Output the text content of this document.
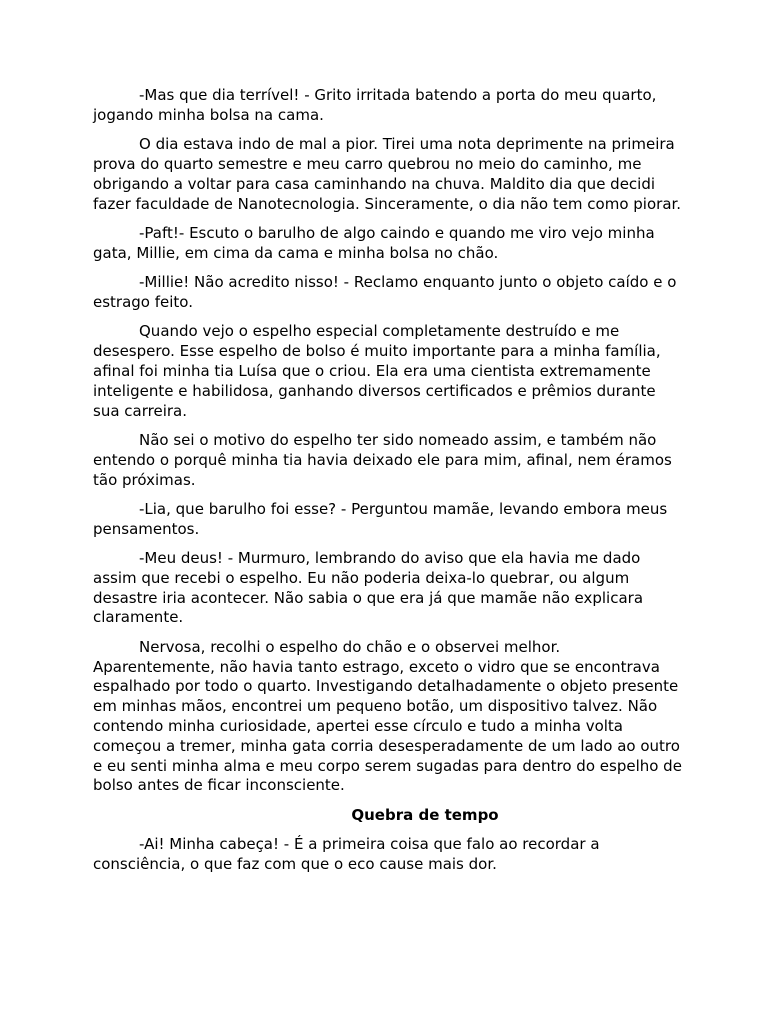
-Mas que dia terrível! - Grito irritada batendo a porta do meu quarto, jogando minha bolsa na cama.

O dia estava indo de mal a pior. Tirei uma nota deprimente na primeira prova do quarto semestre e meu carro quebrou no meio do caminho, me obrigando a voltar para casa caminhando na chuva. Maldito dia que decidi fazer faculdade de Nanotecnologia. Sinceramente, o dia não tem como piorar.

-Paft!- Escuto o barulho de algo caindo e quando me viro vejo minha gata, Millie, em cima da cama e minha bolsa no chão.

-Millie! Não acredito nisso! - Reclamo enquanto junto o objeto caído e o estrago feito.

Quando vejo o espelho especial completamente destruído e me desespero. Esse espelho de bolso é muito importante para a minha família, afinal foi minha tia Luísa que o criou. Ela era uma cientista extremamente inteligente e habilidosa, ganhando diversos certificados e prêmios durante sua carreira.

Não sei o motivo do espelho ter sido nomeado assim, e também não entendo o porquê minha tia havia deixado ele para mim, afinal, nem éramos tão próximas.

-Lia, que barulho foi esse? - Perguntou mamãe, levando embora meus pensamentos.

-Meu deus! - Murmuro, lembrando do aviso que ela havia me dado assim que recebi o espelho. Eu não poderia deixa-lo quebrar, ou algum desastre iria acontecer. Não sabia o que era já que mamãe não explicara claramente.

Nervosa, recolhi o espelho do chão e o observei melhor. Aparentemente, não havia tanto estrago, exceto o vidro que se encontrava espalhado por todo o quarto. Investigando detalhadamente o objeto presente em minhas mãos, encontrei um pequeno botão, um dispositivo talvez. Não contendo minha curiosidade, apertei esse círculo e tudo a minha volta começou a tremer, minha gata corria desesperadamente de um lado ao outro e eu senti minha alma e meu corpo serem sugadas para dentro do espelho de bolso antes de ficar inconsciente.

Quebra de tempo

-Ai! Minha cabeça! - É a primeira coisa que falo ao recordar a consciência, o que faz com que o eco cause mais dor.
